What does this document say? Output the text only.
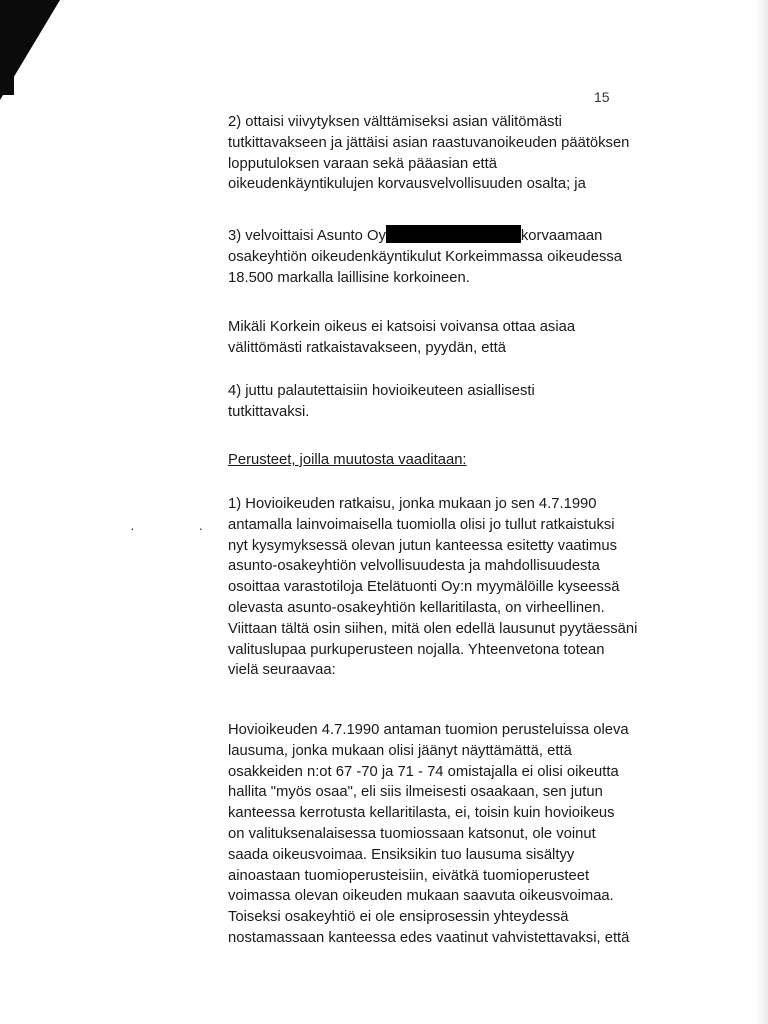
15
2) ottaisi viivytyksen välttämiseksi asian välitömästi
tutkittavakseen ja jättäisi asian raastuvanoikeuden päätöksen
lopputuloksen varaan sekä pääasian että
oikeudenkäyntikulujen korvausvelvollisuuden osalta; ja
3) velvoittaisi Asunto Oy	korvaamaan
osakeyhtiön oikeudenkäyntikulut Korkeimmassa oikeudessa
18.500 markalla laillisine korkoineen.
Mikäli Korkein oikeus ei katsoisi voivansa ottaa asiaa
välittömästi ratkaistavakseen, pyydän, että
4) juttu palautettaisiin hovioikeuteen asiallisesti
tutkittavaksi.
Perusteet, joilla muutosta vaaditaan:
· ·
1) Hovioikeuden ratkaisu, jonka mukaan jo sen 4.7.1990
antamalla lainvoimaisella tuomiolla olisi jo tullut ratkaistuksi
nyt kysymyksessä olevan jutun kanteessa esitetty vaatimus
asunto-osakeyhtiön velvollisuudesta ja mahdollisuudesta
osoittaa varastotiloja Etelätuonti Oy:n myymälöille kyseessä
olevasta asunto-osakeyhtiön kellaritilasta, on virheellinen.
Viittaan tältä osin siihen, mitä olen edellä lausunut pyytäessäni
valituslupaa purkuperusteen nojalla. Yhteenvetona totean
vielä seuraavaa:
Hovioikeuden 4.7.1990 antaman tuomion perusteluissa oleva
lausuma, jonka mukaan olisi jäänyt näyttämättä, että
osakkeiden n:ot 67 -70 ja 71 - 74 omistajalla ei olisi oikeutta
hallita "myös osaa", eli siis ilmeisesti osaakaan, sen jutun
kanteessa kerrotusta kellaritilasta, ei, toisin kuin hovioikeus
on valituksenalaisessa tuomiossaan katsonut, ole voinut
saada oikeusvoimaa. Ensiksikin tuo lausuma sisältyy
ainoastaan tuomioperusteisiin, eivätkä tuomioperusteet
voimassa olevan oikeuden mukaan saavuta oikeusvoimaa.
Toiseksi osakeyhtiö ei ole ensiprosessin yhteydessä
nostamassaan kanteessa edes vaatinut vahvistettavaksi, että
